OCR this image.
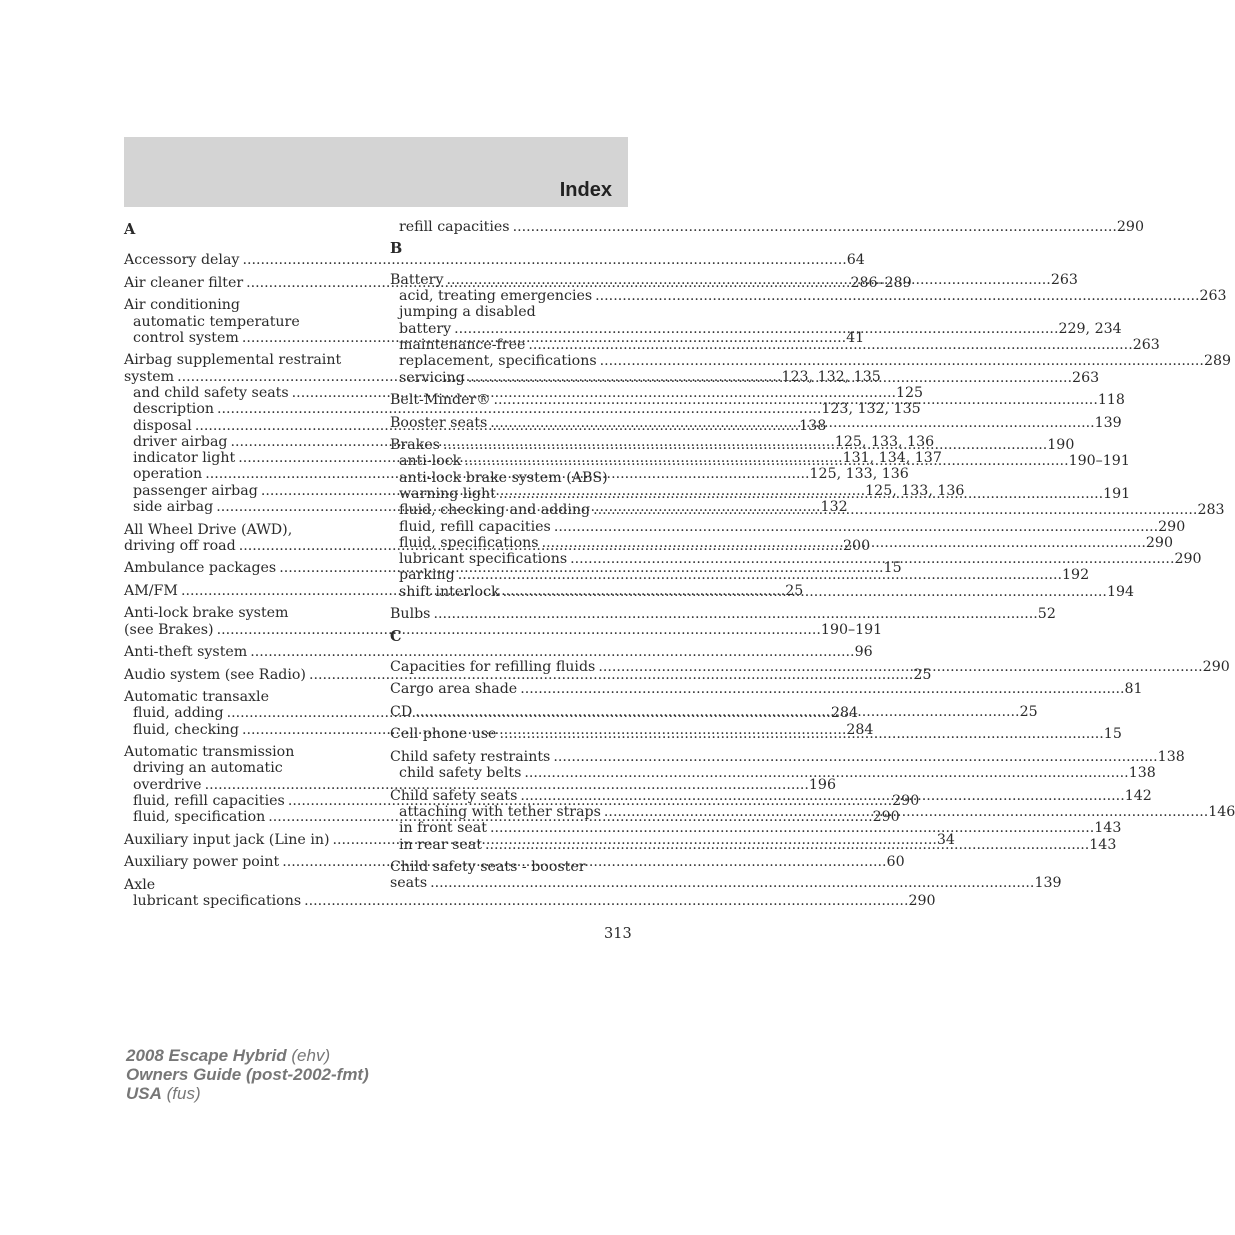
Index
A
Accessory delay .....	64
Air cleaner filter .....	286–289
Air conditioning
automatic temperature
control system .....	41
Airbag supplemental restraint
system .....	123, 132, 135
and child safety seats .....	125
description .....	123, 132, 135
disposal .....	138
driver airbag .....	125, 133, 136
indicator light .....	131, 134, 137
operation .....	125, 133, 136
passenger airbag .....	125, 133, 136
side airbag .....	132
All Wheel Drive (AWD),
driving off road .....	200
Ambulance packages .....	15
AM/FM .....	25
Anti-lock brake system
(see Brakes) .....	190–191
Anti-theft system .....	96
Audio system (see Radio) .....	25
Automatic transaxle
fluid, adding .....	284
fluid, checking .....	284
Automatic transmission
driving an automatic
overdrive .....	196
fluid, refill capacities .....	290
fluid, specification .....	290
Auxiliary input jack (Line in) .....	34
Auxiliary power point .....	60
Axle
lubricant specifications .....	290
refill capacities .....	290
B
Battery .....	263
acid, treating emergencies .....	263
jumping a disabled
battery .....	229, 234
maintenance-free .....	263
replacement, specifications .....	289
servicing .....	263
Belt-Minder® .....	118
Booster seats .....	139
Brakes .....	190
anti-lock .....	190–191
anti-lock brake system (ABS)
warning light .....	191
fluid, checking and adding .....	283
fluid, refill capacities .....	290
fluid, specifications .....	290
lubricant specifications .....	290
parking .....	192
shift interlock .....	194
Bulbs .....	52
C
Capacities for refilling fluids .....	290
Cargo area shade .....	81
CD .....	25
Cell phone use .....	15
Child safety restraints .....	138
child safety belts .....	138
Child safety seats .....	142
attaching with tether straps .....	146
in front seat .....	143
in rear seat .....	143
Child safety seats - booster
seats .....	139
313
2008 Escape Hybrid (ehv)
Owners Guide (post-2002-fmt)
USA (fus)
